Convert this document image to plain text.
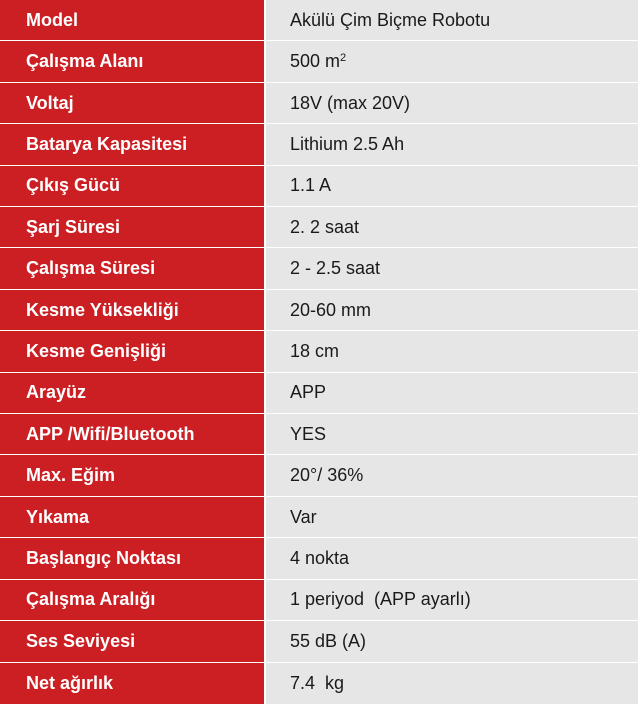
Model	Akülü Çim Biçme Robotu
Çalışma Alanı	500 $m^2$
Voltaj	18V (max 20V)
Batarya Kapasitesi	Lithium 2.5 Ah
Çıkış Gücü	1.1 A
Şarj Süresi	2. 2 saat
Çalışma Süresi	2 - 2.5 saat
Kesme Yüksekliği	20-60 mm
Kesme Genişliği	18 cm
Arayüz	APP
APP /Wifi/Bluetooth	YES
Max. Eğim	20°/ 36%
Yıkama	Var
Başlangıç Noktası	4 nokta
Çalışma Aralığı	1 periyod  (APP ayarlı)
Ses Seviyesi	55 dB (A)
Net ağırlık	7.4  kg
